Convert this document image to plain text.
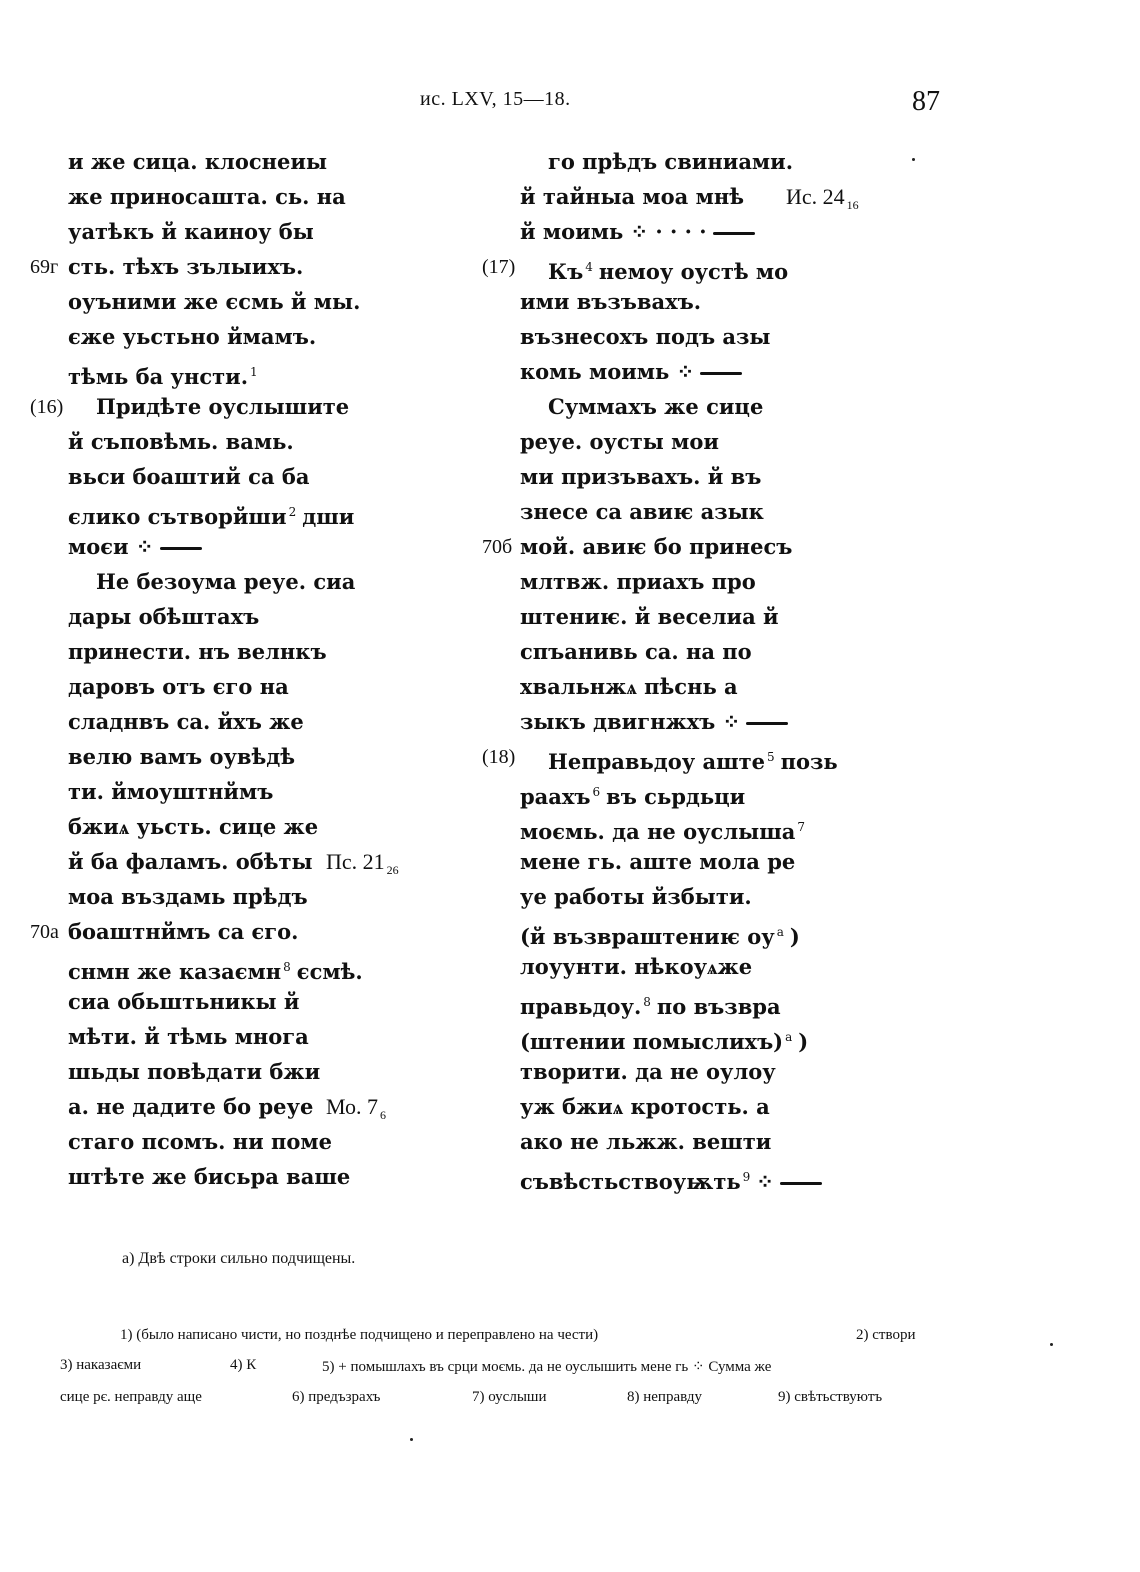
ис. LXV, 15—18.	87
и же сица. клоснеиы
же приносашта. сь. на
уатѣкъ й каиноу бы
69г сть. тѣхъ зълыихъ.
оуъними же єсмь й мы.
єже уьстьно ймамъ.
тѣмь ба унсти. $^1$
(16) Придѣте оуслышите
й съповѣмь. вамь.
вьси боаштий са ба
єлико сътворйши $^2$ дши
моєи ⁘
Не безоума реуе. сиа
дары обѣштахъ
принести. нъ велнкъ
даровъ отъ єго на
сладнвъ са. йхъ же
велю вамъ оувѣдѣ
ти. ймоуштнймъ
бжиѧ уьсть. сице же
й ба фаламъ. обѣты Пс. 21 $_{26}$
моа въздамь прѣдъ
70а боаштнймъ са єго.
снмн же казаємн $^8$ єсмѣ.
сиа обьштьникы й
мѣти. й тѣмь многа
шьды повѣдати бжи
а. не дадите бо реуе Мо. 7 $_6$
стаго псомъ. ни поме
штѣте же бисьра ваше
го прѣдъ свиниами.
й тайныа моа мнѣ Ис. 24 $_{16}$
й моимь ⁘ · · · ·
(17) Къ $^4$ немоу оустѣ мо
ими възъвахъ.
възнесохъ подъ азы
комь моимь ⁘
Суммахъ же сице
реуе. оусты мои
ми призъвахъ. й въ
знесе са авиѥ азык
70б мой. авиѥ бо принесъ
млтвж. приахъ про
штениѥ. й веселиа й
спъанивь са. на по
хвальнжѧ пѣснь а
зыкъ двигнжхъ ⁘
(18) Неправьдоу аште $^5$ позь
раахъ $^6$ въ сьрдьци
моємь. да не оуслыша $^7$
мене гь. аште мола ре
уе работы йзбыти.
(й възвраштениѥ оу $^а$ )
лоуунти. нѣкоуѧже
правьдоу. $^8$ по възвра
(штении помыслихъ) $^а$ )
творити. да не оулоу
уж бжиѧ кротость. а
ако не льжж. вешти
съвѣстьствоуѭть $^9$ ⁘
а) Двѣ строки сильно подчищены.
1) (было написано чисти, но позднѣе подчищено и переправлено на чести)	2) створи
3) наказаєми	4) К	5) + помышлахъ въ срци моємь. да не оуслышить мене гь ⁘ Сумма же
сице рє. неправду аще	6) предъзрахъ	7) оуслыши	8) неправду	9) свѣтьствуютъ
